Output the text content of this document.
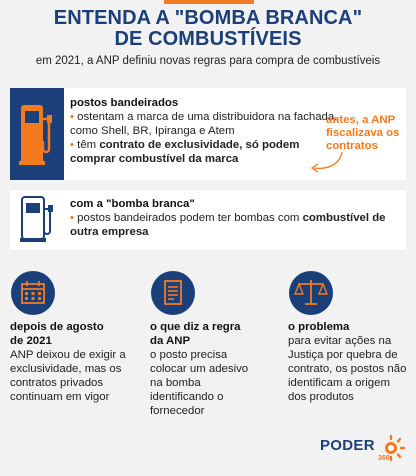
ENTENDA A "BOMBA BRANCA"
DE COMBUSTÍVEIS
em 2021, a ANP definiu novas regras para compra de combustíveis
postos bandeirados
• ostentam a marca de uma distribuidora na fachada, como Shell, BR, Ipiranga e Atem
• têm contrato de exclusividade, só podem comprar combustível da marca
antes, a ANP fiscalizava os contratos
com a "bomba branca"
• postos bandeirados podem ter bombas com combustível de outra empresa
depois de agosto de 2021
ANP deixou de exigir a exclusividade, mas os contratos privados continuam em vigor
o que diz a regra da ANP
o posto precisa colocar um adesivo na bomba identificando o fornecedor
o problema
para evitar ações na Justiça por quebra de contrato, os postos não identificam a origem dos produtos
PODER
360
